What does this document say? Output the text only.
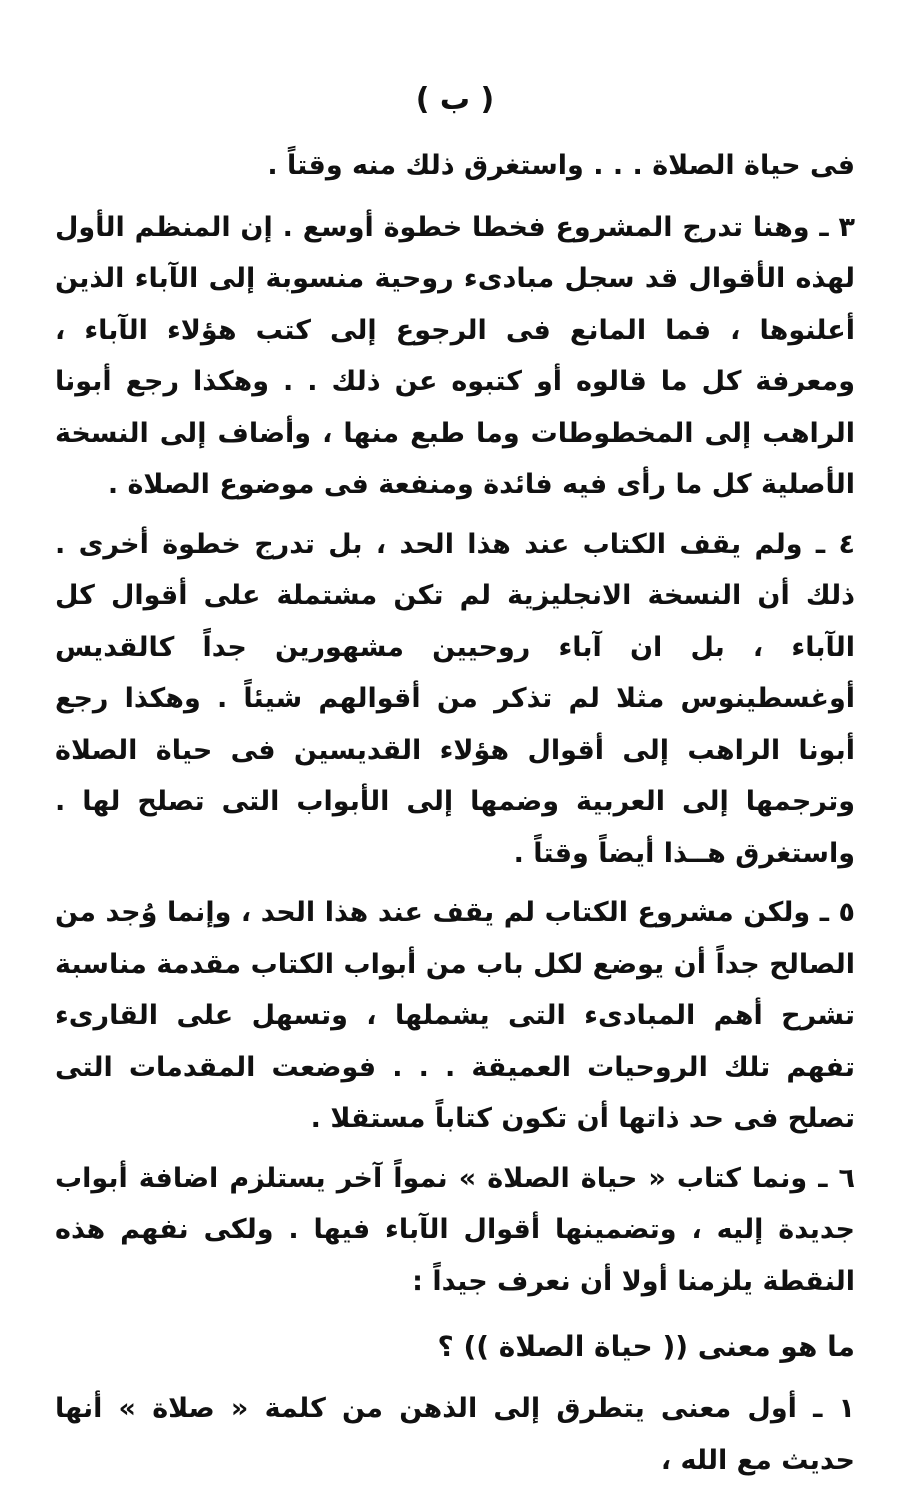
( ب )

فى حياة الصلاة . . . واستغرق ذلك منه وقتاً .

٣ ـ وهنا تدرج المشروع فخطا خطوة أوسع . إن المنظم الأول لهذه الأقوال قد سجل مبادىء روحية منسوبة إلى الآباء الذين أعلنوها ، فما المانع فى الرجوع إلى كتب هؤلاء الآباء ، ومعرفة كل ما قالوه أو كتبوه عن ذلك . . وهكذا رجع أبونا الراهب إلى المخطوطات وما طبع منها ، وأضاف إلى النسخة الأصلية كل ما رأى فيه فائدة ومنفعة فى موضوع الصلاة .

٤ ـ ولم يقف الكتاب عند هذا الحد ، بل تدرج خطوة أخرى . ذلك أن النسخة الانجليزية لم تكن مشتملة على أقوال كل الآباء ، بل ان آباء روحيين مشهورين جداً كالقديس أوغسطينوس مثلا لم تذكر من أقوالهم شيئاً . وهكذا رجع أبونا الراهب إلى أقوال هؤلاء القديسين فى حياة الصلاة وترجمها إلى العربية وضمها إلى الأبواب التى تصلح لها . واستغرق هــذا أيضاً وقتاً .

٥ ـ ولكن مشروع الكتاب لم يقف عند هذا الحد ، وإنما وُجد من الصالح جداً أن يوضع لكل باب من أبواب الكتاب مقدمة مناسبة تشرح أهم المبادىء التى يشملها ، وتسهل على القارىء تفهم تلك الروحيات العميقة . . . فوضعت المقدمات التى تصلح فى حد ذاتها أن تكون كتاباً مستقلا .

٦ ـ ونما كتاب « حياة الصلاة » نمواً آخر يستلزم اضافة أبواب جديدة إليه ، وتضمينها أقوال الآباء فيها . ولكى نفهم هذه النقطة يلزمنا أولا أن نعرف جيداً :

ما هو معنى (( حياة الصلاة )) ؟

١ ـ أول معنى يتطرق إلى الذهن من كلمة « صلاة » أنها حديث مع الله ،
